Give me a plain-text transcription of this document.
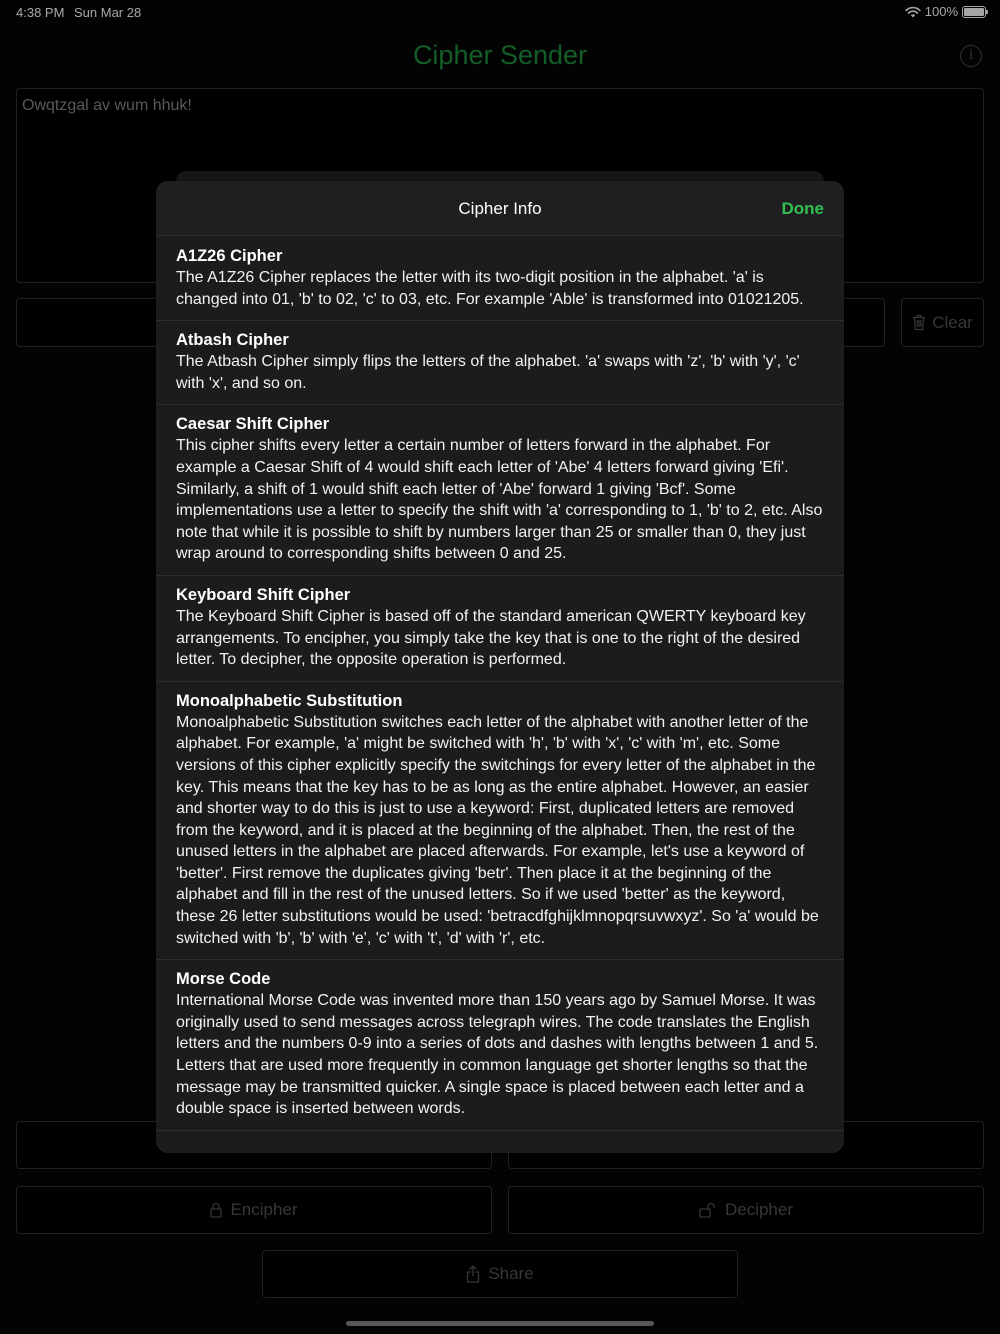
4:38 PM Sun Mar 28	100%
Cipher Sender	i
Owqtzgal av wum hhuk!
Clear
Encipher	Decipher
Share
Cipher Info	Done
A1Z26 Cipher
The A1Z26 Cipher replaces the letter with its two-digit position in the alphabet. 'a' is changed into 01, 'b' to 02, 'c' to 03, etc. For example 'Able' is transformed into 01021205.
Atbash Cipher
The Atbash Cipher simply flips the letters of the alphabet. 'a' swaps with 'z', 'b' with 'y', 'c' with 'x', and so on.
Caesar Shift Cipher
This cipher shifts every letter a certain number of letters forward in the alphabet. For example a Caesar Shift of 4 would shift each letter of 'Abe' 4 letters forward giving 'Efi'. Similarly, a shift of 1 would shift each letter of 'Abe' forward 1 giving 'Bcf'. Some implementations use a letter to specify the shift with 'a' corresponding to 1, 'b' to 2, etc. Also note that while it is possible to shift by numbers larger than 25 or smaller than 0, they just wrap around to corresponding shifts between 0 and 25.
Keyboard Shift Cipher
The Keyboard Shift Cipher is based off of the standard american QWERTY keyboard key arrangements. To encipher, you simply take the key that is one to the right of the desired letter. To decipher, the opposite operation is performed.
Monoalphabetic Substitution
Monoalphabetic Substitution switches each letter of the alphabet with another letter of the alphabet. For example, 'a' might be switched with 'h', 'b' with 'x', 'c' with 'm', etc. Some versions of this cipher explicitly specify the switchings for every letter of the alphabet in the key. This means that the key has to be as long as the entire alphabet. However, an easier and shorter way to do this is just to use a keyword: First, duplicated letters are removed from the keyword, and it is placed at the beginning of the alphabet. Then, the rest of the unused letters in the alphabet are placed afterwards. For example, let's use a keyword of 'better'. First remove the duplicates giving 'betr'. Then place it at the beginning of the alphabet and fill in the rest of the unused letters. So if we used 'better' as the keyword, these 26 letter substitutions would be used: 'betracdfghijklmnopqrsuvwxyz'. So 'a' would be switched with 'b', 'b' with 'e', 'c' with 't', 'd' with 'r', etc.
Morse Code
International Morse Code was invented more than 150 years ago by Samuel Morse. It was originally used to send messages across telegraph wires. The code translates the English letters and the numbers 0-9 into a series of dots and dashes with lengths between 1 and 5. Letters that are used more frequently in common language get shorter lengths so that the message may be transmitted quicker. A single space is placed between each letter and a double space is inserted between words.
